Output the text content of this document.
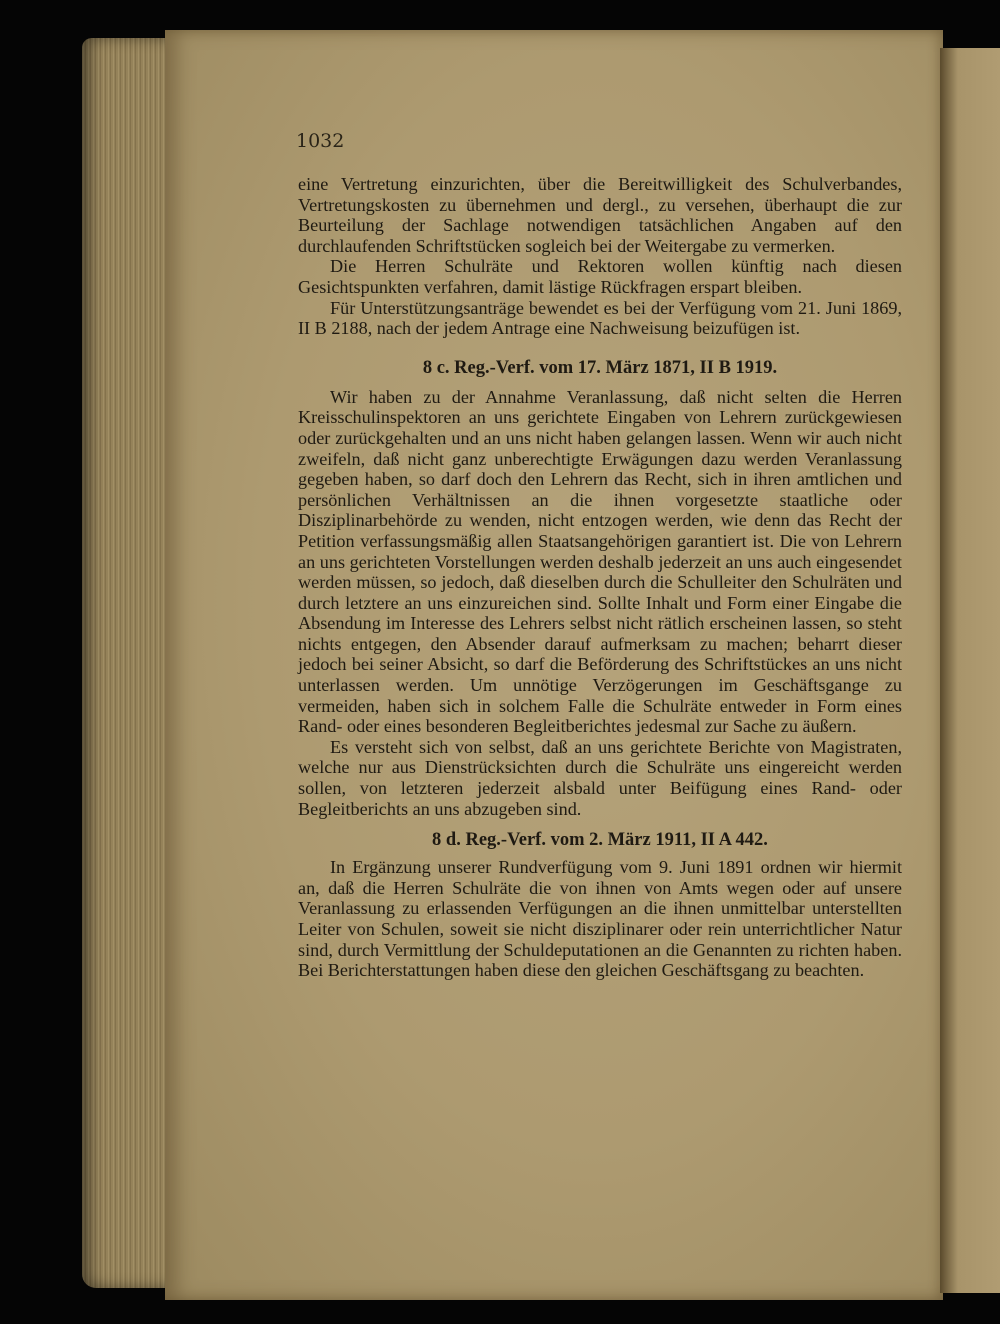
1032

eine Vertretung einzurichten, über die Bereitwilligkeit des Schulverbandes, Vertretungskosten zu übernehmen und dergl., zu versehen, überhaupt die zur Beurteilung der Sachlage notwendigen tatsächlichen Angaben auf den durchlaufenden Schriftstücken sogleich bei der Weitergabe zu vermerken.

Die Herren Schulräte und Rektoren wollen künftig nach diesen Gesichtspunkten verfahren, damit lästige Rückfragen erspart bleiben.

Für Unterstützungsanträge bewendet es bei der Verfügung vom 21. Juni 1869, II B 2188, nach der jedem Antrage eine Nachweisung beizufügen ist.

8 c. Reg.-Verf. vom 17. März 1871, II B 1919.

Wir haben zu der Annahme Veranlassung, daß nicht selten die Herren Kreisschulinspektoren an uns gerichtete Eingaben von Lehrern zurückgewiesen oder zurückgehalten und an uns nicht haben gelangen lassen. Wenn wir auch nicht zweifeln, daß nicht ganz unberechtigte Erwägungen dazu werden Veranlassung gegeben haben, so darf doch den Lehrern das Recht, sich in ihren amtlichen und persönlichen Verhältnissen an die ihnen vorgesetzte staatliche oder Disziplinarbehörde zu wenden, nicht entzogen werden, wie denn das Recht der Petition verfassungsmäßig allen Staatsangehörigen garantiert ist. Die von Lehrern an uns gerichteten Vorstellungen werden deshalb jederzeit an uns auch eingesendet werden müssen, so jedoch, daß dieselben durch die Schulleiter den Schulräten und durch letztere an uns einzureichen sind. Sollte Inhalt und Form einer Eingabe die Absendung im Interesse des Lehrers selbst nicht rätlich erscheinen lassen, so steht nichts entgegen, den Absender darauf aufmerksam zu machen; beharrt dieser jedoch bei seiner Absicht, so darf die Beförderung des Schriftstückes an uns nicht unterlassen werden. Um unnötige Verzögerungen im Geschäftsgange zu vermeiden, haben sich in solchem Falle die Schulräte entweder in Form eines Rand- oder eines besonderen Begleitberichtes jedesmal zur Sache zu äußern.

Es versteht sich von selbst, daß an uns gerichtete Berichte von Magistraten, welche nur aus Dienstrücksichten durch die Schulräte uns eingereicht werden sollen, von letzteren jederzeit alsbald unter Beifügung eines Rand- oder Begleitberichts an uns abzugeben sind.

8 d. Reg.-Verf. vom 2. März 1911, II A 442.

In Ergänzung unserer Rundverfügung vom 9. Juni 1891 ordnen wir hiermit an, daß die Herren Schulräte die von ihnen von Amts wegen oder auf unsere Veranlassung zu erlassenden Verfügungen an die ihnen unmittelbar unterstellten Leiter von Schulen, soweit sie nicht disziplinarer oder rein unterrichtlicher Natur sind, durch Vermittlung der Schuldeputationen an die Genannten zu richten haben. Bei Berichterstattungen haben diese den gleichen Geschäftsgang zu beachten.
